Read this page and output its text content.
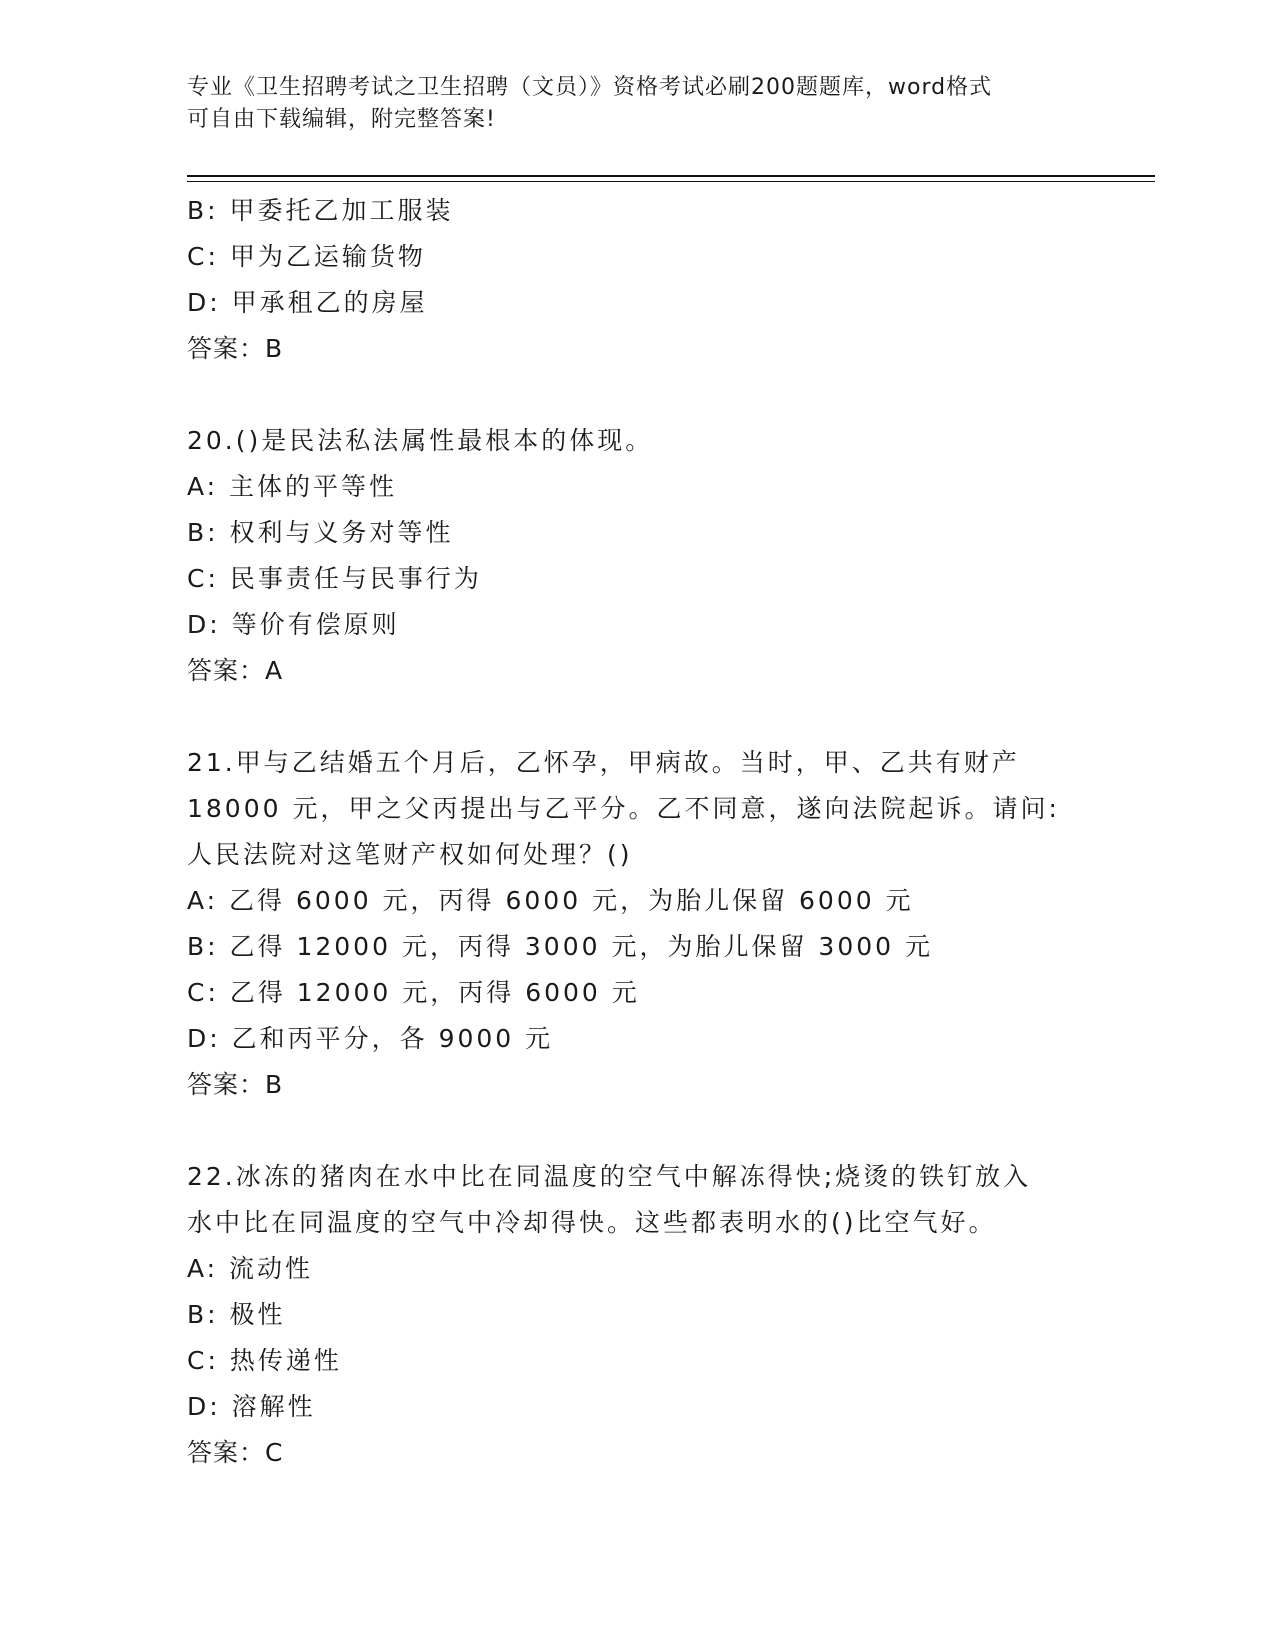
专业《卫生招聘考试之卫生招聘（文员）》资格考试必刷200题题库，word格式
可自由下载编辑，附完整答案!
B: 甲委托乙加工服装
C: 甲为乙运输货物
D: 甲承租乙的房屋
答案：B
20.()是民法私法属性最根本的体现。
A: 主体的平等性
B: 权利与义务对等性
C: 民事责任与民事行为
D: 等价有偿原则
答案：A
21.甲与乙结婚五个月后，乙怀孕，甲病故。当时，甲、乙共有财产
18000 元，甲之父丙提出与乙平分。乙不同意，遂向法院起诉。请问:
人民法院对这笔财产权如何处理？()
A: 乙得 6000 元，丙得 6000 元，为胎儿保留 6000 元
B: 乙得 12000 元，丙得 3000 元，为胎儿保留 3000 元
C: 乙得 12000 元，丙得 6000 元
D: 乙和丙平分，各 9000 元
答案：B
22.冰冻的猪肉在水中比在同温度的空气中解冻得快;烧烫的铁钉放入
水中比在同温度的空气中冷却得快。这些都表明水的()比空气好。
A: 流动性
B: 极性
C: 热传递性
D: 溶解性
答案：C
